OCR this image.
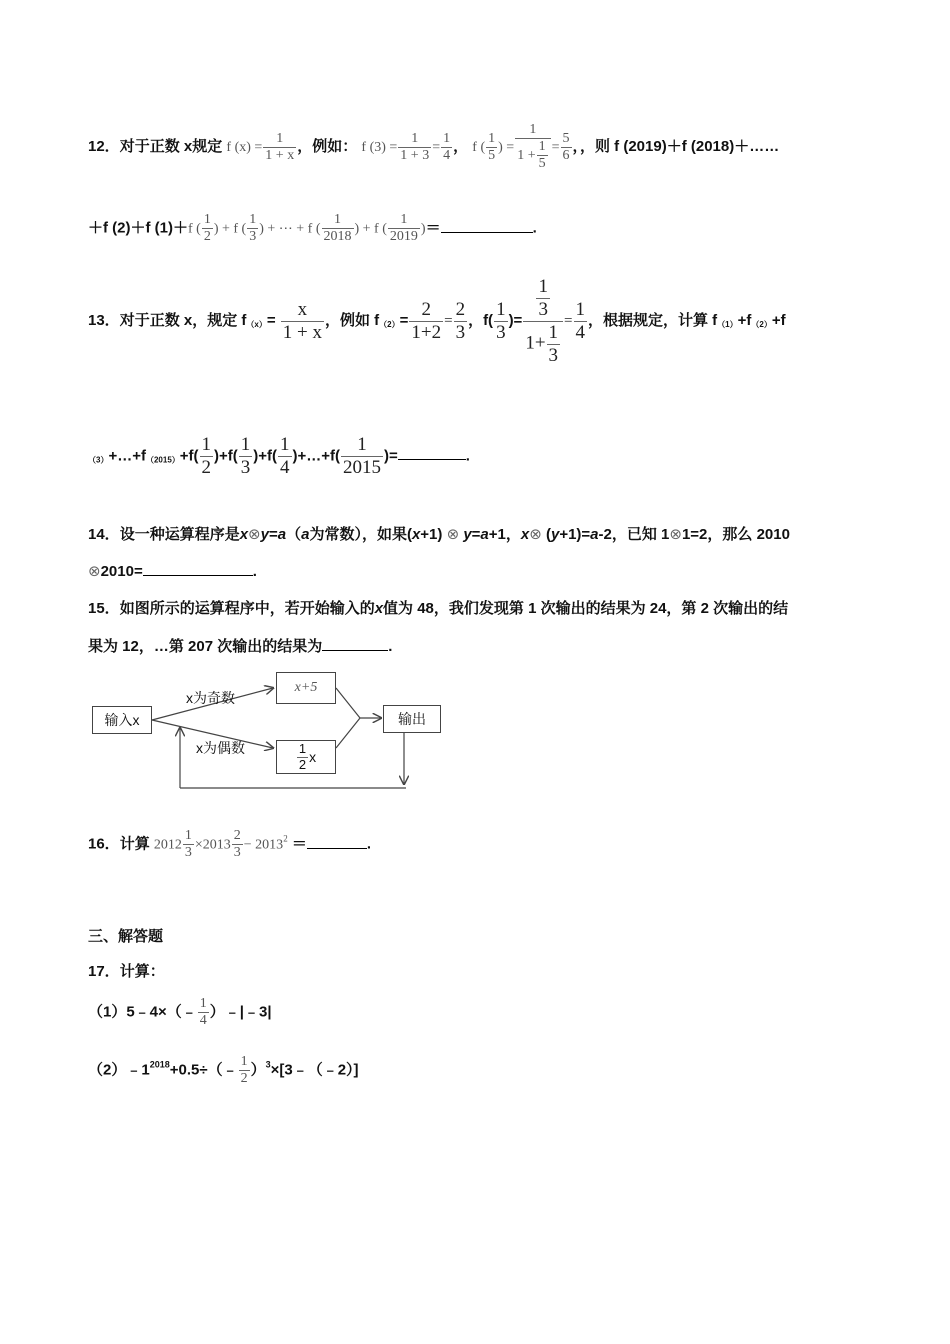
12．对于正数 x规定 f $(x) = \frac{1}{1 + x}$ ，例如： f $(3) = \frac{1}{1 + 3} = \frac{1}{4}$ ， f ( $\frac{1}{5}$ ) = $\frac{1}{1 + \frac{1}{5}} = \frac{5}{6}$ ，，则 f (2019)＋f (2018)＋……
＋f (2)＋f (1)＋f ( $\frac{1}{2}$ ) + f ( $\frac{1}{3}$ ) + ⋯ + f ( $\frac{1}{2018}$ ) + f ( $\frac{1}{2019}$ )＝	.
13．对于正数 x，规定 $f_{(x)}= \frac{x}{1 + x}$ ，例如 $f_{(2)}= \frac{2}{1+2} = \frac{2}{3}$ ，$f( \frac{1}{3}$ )= $\frac{\frac{1}{3}}{1+ \frac{1}{3}} = \frac{1}{4}$ ，根据规定，计算 $f_{(1)}+f_{(2)}+f$
$_{(3)}+\dots+f_{(2015)}+f( \frac{1}{2} )+f( \frac{1}{3} )+f( \frac{1}{4}$ )+…+f( $\frac{1}{2015}$ )=	.
14．设一种运算程序是x⊗y=a（a为常数），如果(x+1) ⊗ y=a+1，x⊗ (y+1)=a-2，已知 1⊗1=2，那么 2010
⊗2010=	.
15．如图所示的运算程序中，若开始输入的x值为 48，我们发现第 1 次输出的结果为 24，第 2 次输出的结
果为 12，…第 207 次输出的结果为	.
输入x
x为奇数
x为偶数
x+5
$\frac{1}{2}$ x
输出
16．计算 $2012 \frac{1}{3} \times 2013 \frac{2}{3} - 2013^2$ ＝	.
三、解答题
17．计算：
（1）5﹣4×（﹣ $\frac{1}{4}$ ）﹣|﹣3|
$(2)﹣1^{2018}+0.5\div(﹣ \frac{1}{2}$ ）$^3$×[3﹣（﹣2）]
